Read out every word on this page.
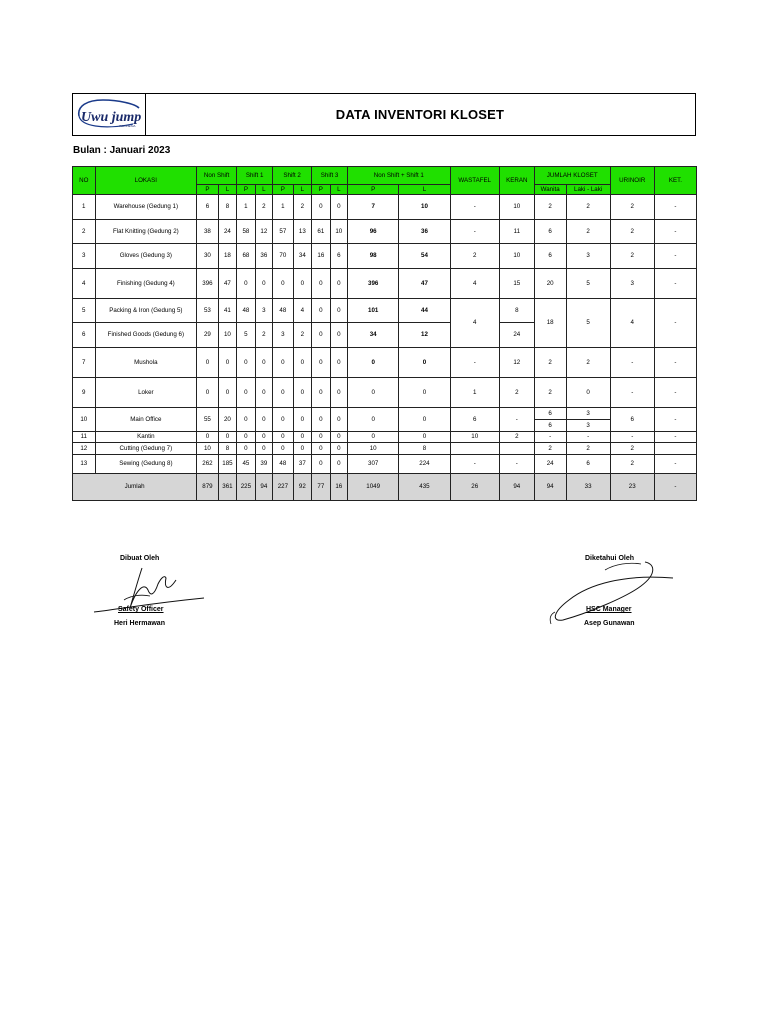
Uwu jump
INDONESIA
DATA INVENTORI KLOSET
Bulan : Januari 2023
NO	LOKASI	Non Shift		Shift 1		Shift 2		Shift 3		Non Shift + Shift 1		WASTAFEL	KERAN	JUMLAH KLOSET		URINOIR	KET.
		P	L	P	L	P	L	P	L	P	L			Wanita	Laki - Laki		
1	Warehouse (Gedung 1)	6	8	1	2	1	2	0	0	7	10	-	10	2	2	2	-
2	Flat Knitting (Gedung 2)	38	24	58	12	57	13	61	10	96	36	-	11	6	2	2	-
3	Gloves (Gedung 3)	30	18	68	36	70	34	16	6	98	54	2	10	6	3	2	-
4	Finishing (Gedung 4)	396	47	0	0	0	0	0	0	396	47	4	15	20	5	3	-
5	Packing & Iron (Gedung 5)	53	41	48	3	48	4	0	0	101	44	4	8	18	5	4	-
6	Finished Goods (Gedung 6)	29	10	5	2	3	2	0	0	34	12		24				
7	Mushola	0	0	0	0	0	0	0	0	0	0	-	12	2	2	-	-
9	Loker	0	0	0	0	0	0	0	0	0	0	1	2	2	0	-	-
10	Main Office	55	20	0	0	0	0	0	0	0	0	6	-	6	3	6	-
														6	3		
11	Kantin	0	0	0	0	0	0	0	0	0	0	10	2	-	-	-	-
12	Cutting (Gedung 7)	10	8	0	0	0	0	0	0	10	8			2	2	2	
13	Sewing (Gedung 8)	262	185	45	39	48	37	0	0	307	224	-	-	24	6	2	-
Jumlah		879	361	225	94	227	92	77	16	1049	435	26	94	94	33	23	-
Dibuat Oleh
Safety Officer
Heri Hermawan
Diketahui Oleh
HSC Manager
Asep Gunawan
